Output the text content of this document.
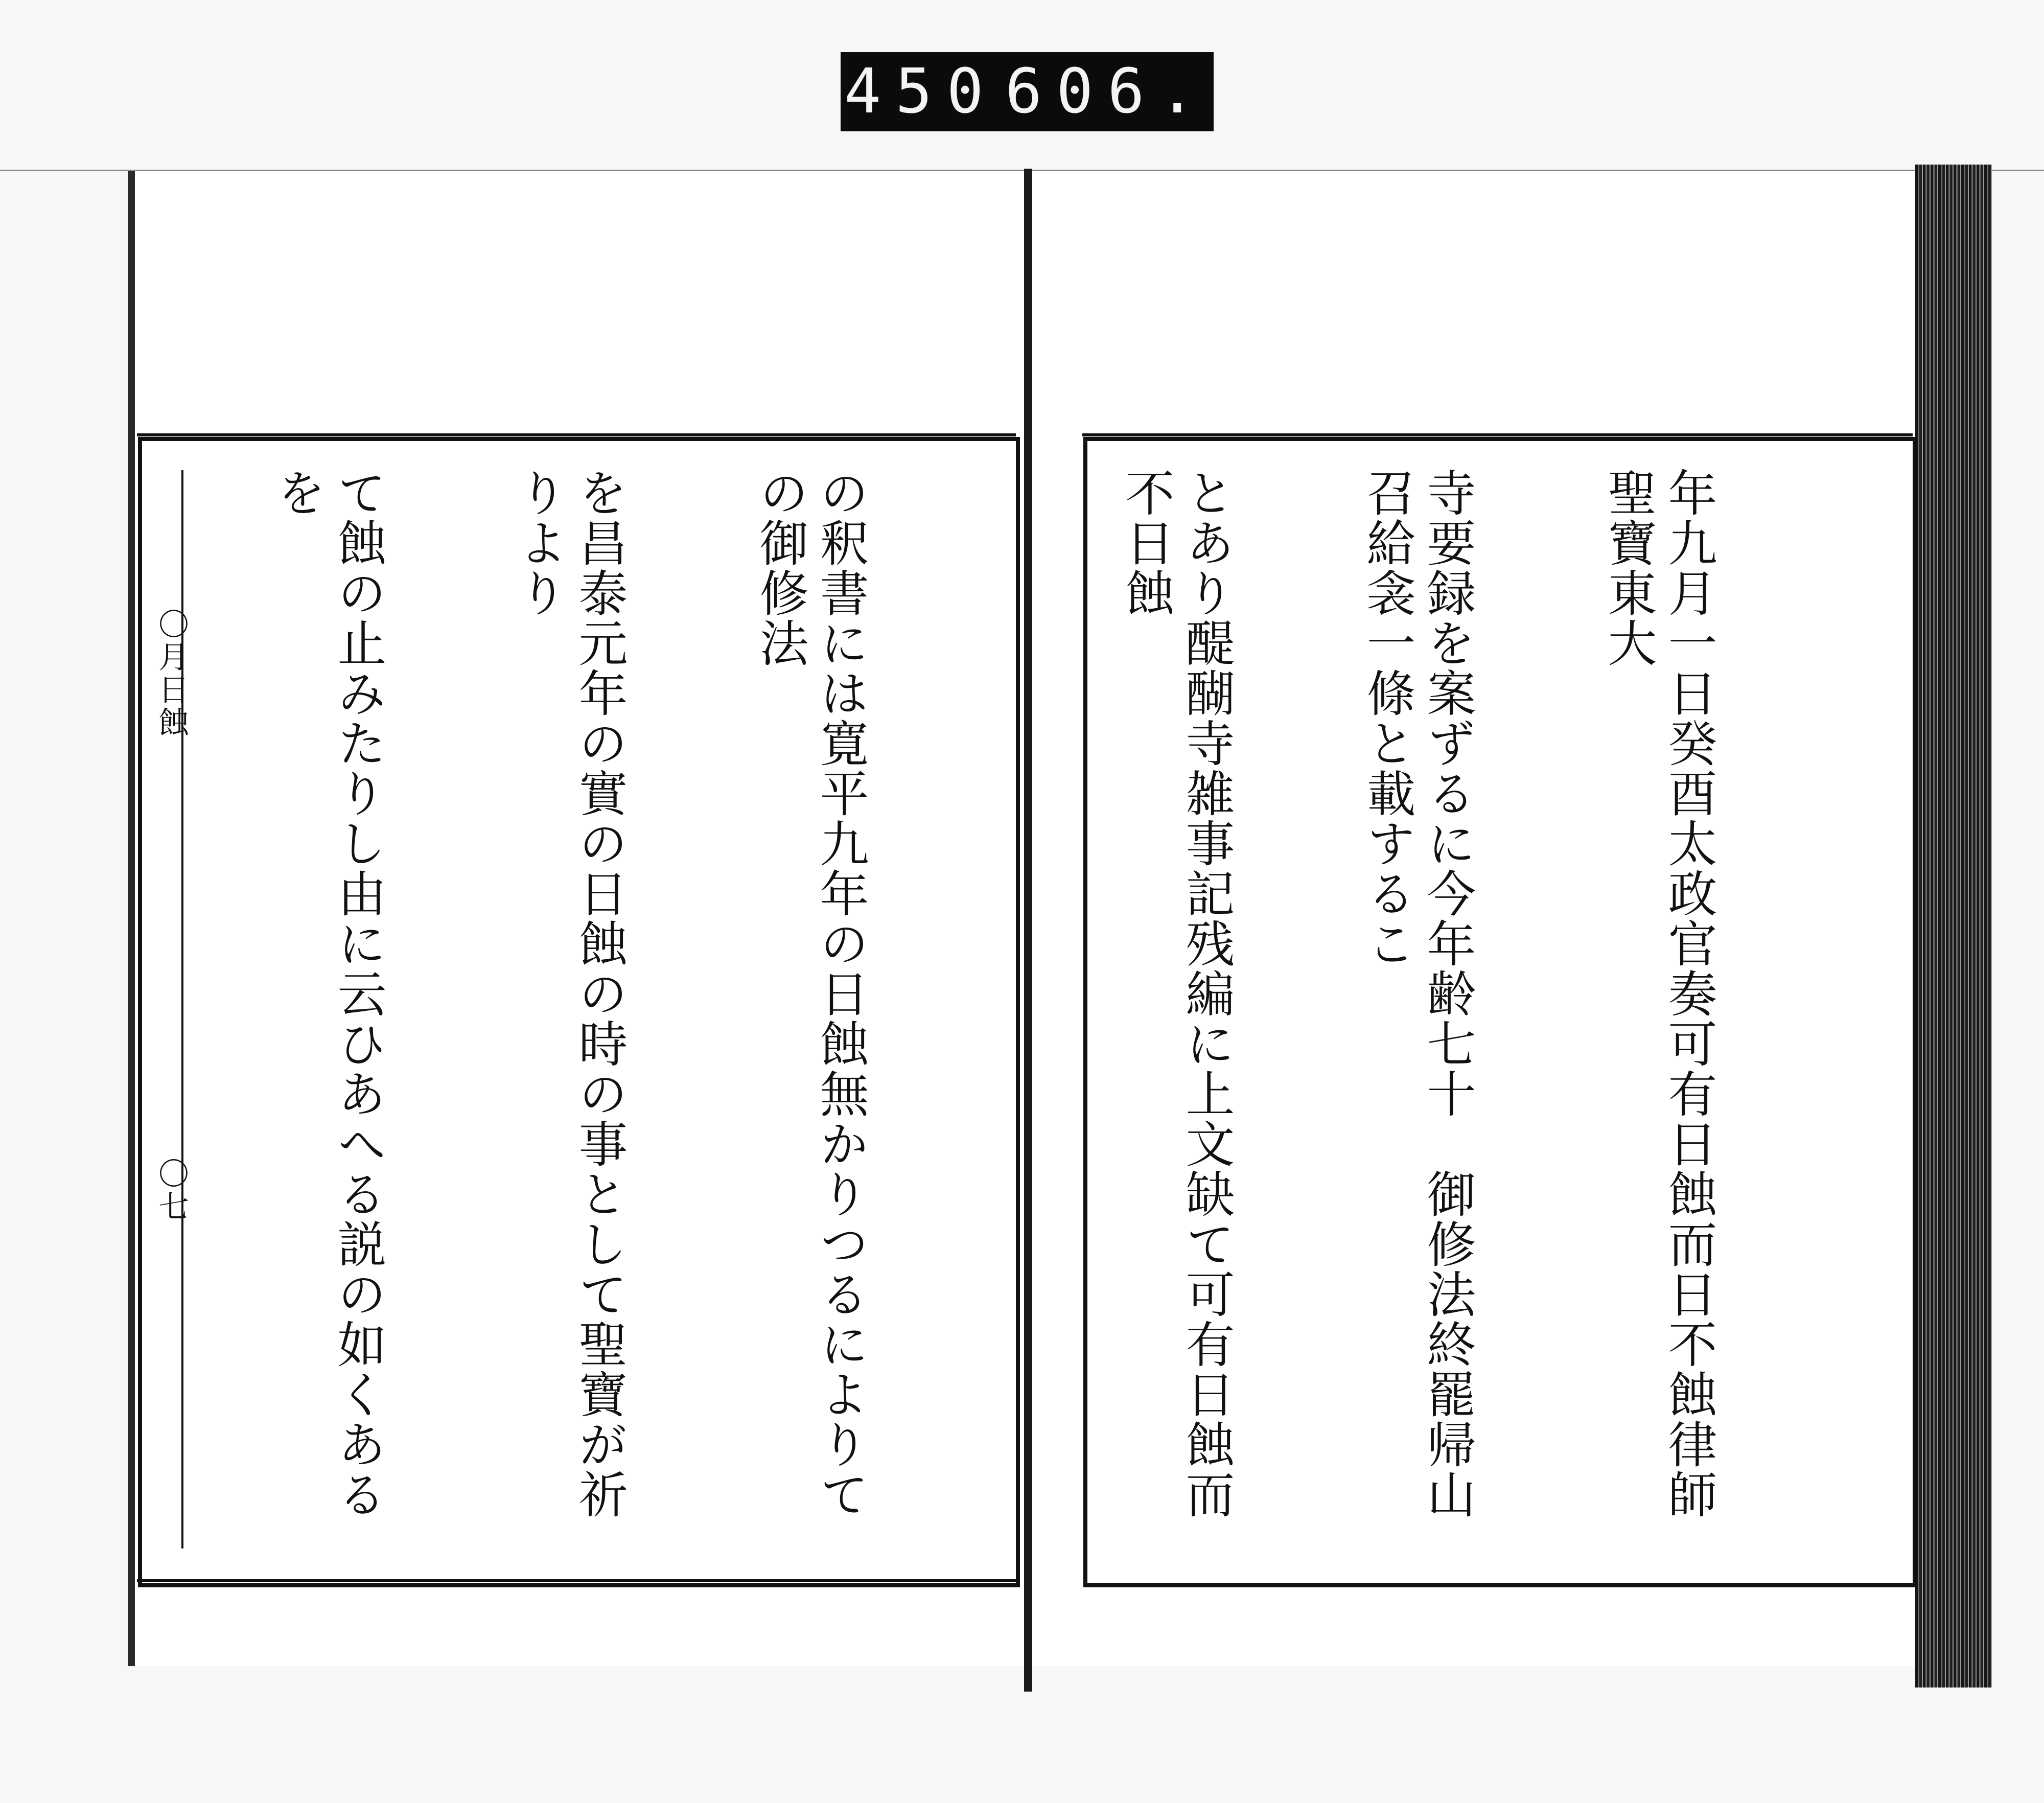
450 606.

年九月一日癸酉太政官奏可有日蝕而日不蝕律師聖寶東大

寺要録を案ずるに今年齢七十　御修法終罷帰山召給衾一條と載するこ

とあり醍醐寺雑事記残編に上文缺て可有日蝕而不日蝕

の釈書には寛平九年の日蝕無かりつるによりての御修法

を昌泰元年の實の日蝕の時の事として聖寶が祈りより

て蝕の止みたりし由に云ひあへる説の如くあるを

〇月日蝕
〇七
